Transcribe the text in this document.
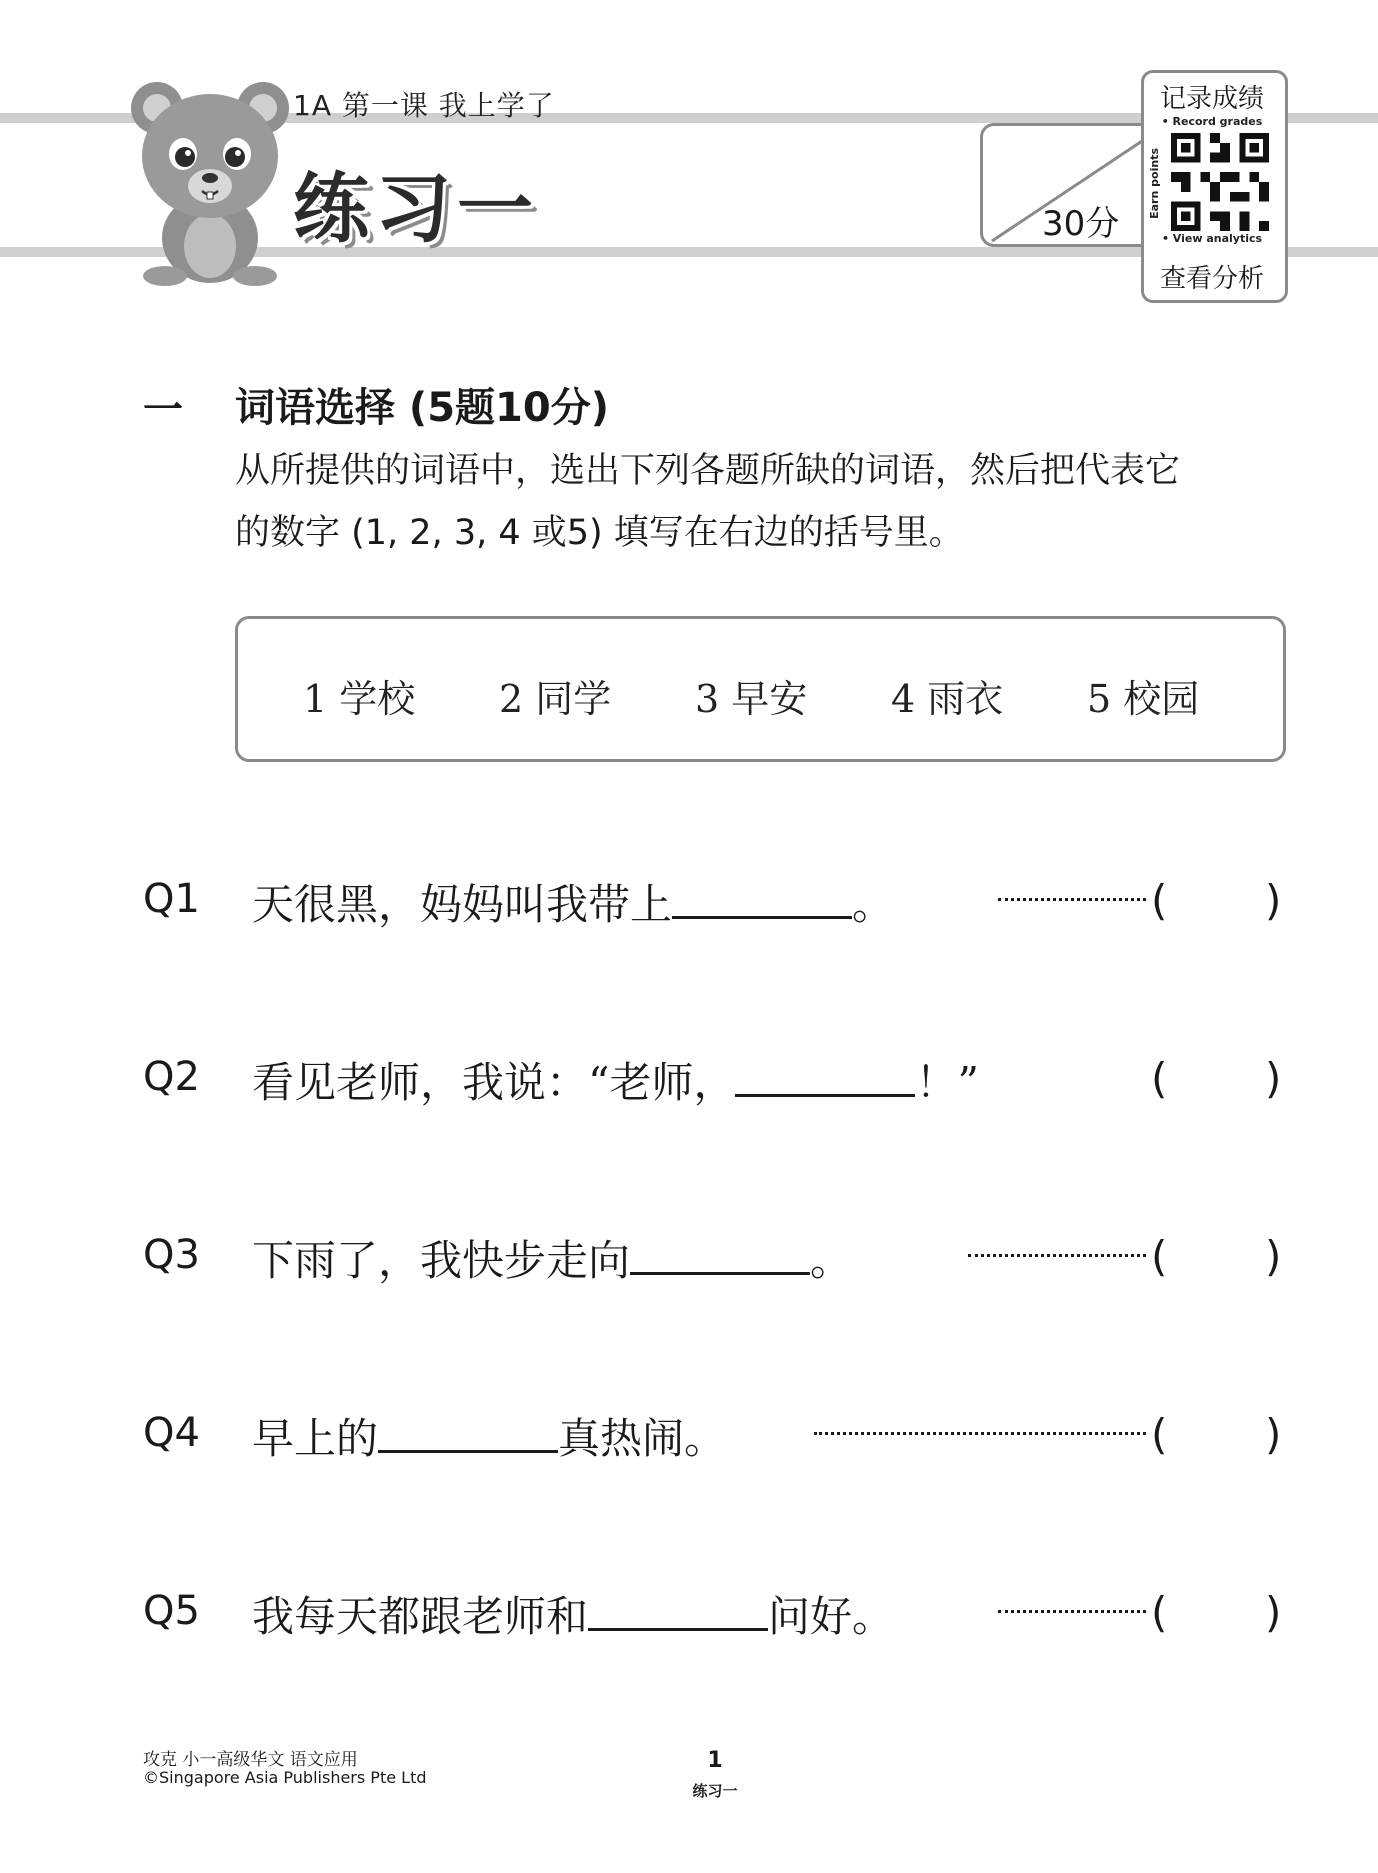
1A 第一课 我上学了
练习一	30分
记录成绩
• Record grades
Earn points
• View analytics
查看分析
一 词语选择 (5题10分)
从所提供的词语中，选出下列各题所缺的词语，然后把代表它
的数字 (1, 2, 3, 4 或5) 填写在右边的括号里。
1 学校 2 同学 3 早安 4 雨衣 5 校园
Q1 天很黑，妈妈叫我带上	。	( )
Q2 看见老师，我说：“老师，	！”	( )
Q3 下雨了，我快步走向	。	( )
Q4 早上的	真热闹。	( )
Q5 我每天都跟老师和	问好。	( )
攻克 小一高级华文 语文应用
©Singapore Asia Publishers Pte Ltd
1
练习一
